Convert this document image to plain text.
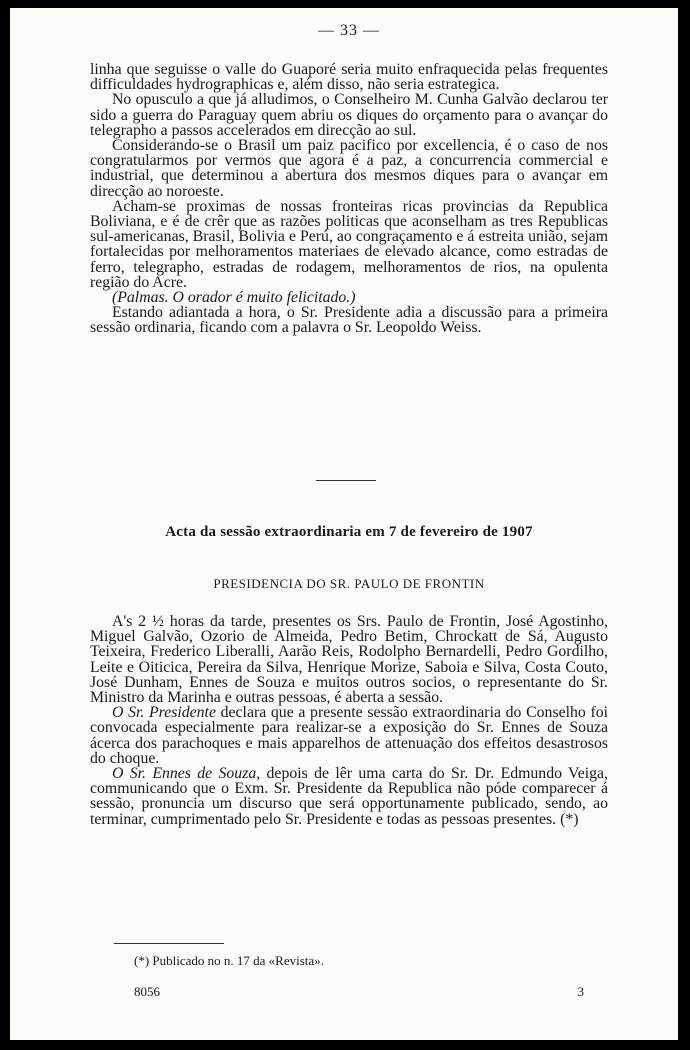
— 33 —

linha que seguisse o valle do Guaporé seria muito enfraquecida pelas frequentes difficuldades hydrographicas e, além disso, não seria estrategica.

No opusculo a que já alludimos, o Conselheiro M. Cunha Galvão declarou ter sido a guerra do Paraguay quem abriu os diques do orçamento para o avançar do telegrapho a passos accelerados em direcção ao sul.

Considerando-se o Brasil um paiz pacifico por excellencia, é o caso de nos congratularmos por vermos que agora é a paz, a concurrencia commercial e industrial, que determinou a abertura dos mesmos diques para o avançar em direcção ao noroeste.

Acham-se proximas de nossas fronteiras ricas provincias da Republica Boliviana, e é de crêr que as razões politicas que aconselham as tres Republicas sul-americanas, Brasil, Bolivia e Perú, ao congraçamento e á estreita união, sejam fortalecidas por melhoramentos materiaes de elevado alcance, como estradas de ferro, telegrapho, estradas de rodagem, melhoramentos de rios, na opulenta região do Acre.

(Palmas. O orador é muito felicitado.)

Estando adiantada a hora, o Sr. Presidente adia a discussão para a primeira sessão ordinaria, ficando com a palavra o Sr. Leopoldo Weiss.

Acta da sessão extraordinaria em 7 de fevereiro de 1907
PRESIDENCIA DO SR. PAULO DE FRONTIN

A's 2 ½ horas da tarde, presentes os Srs. Paulo de Frontin, José Agostinho, Miguel Galvão, Ozorio de Almeida, Pedro Betim, Chrockatt de Sá, Augusto Teixeira, Frederico Liberalli, Aarão Reis, Rodolpho Bernardelli, Pedro Gordilho, Leite e Oiticica, Pereira da Silva, Henrique Morize, Saboia e Silva, Costa Couto, José Dunham, Ennes de Souza e muitos outros socios, o representante do Sr. Ministro da Marinha e outras pessoas, é aberta a sessão.

O Sr. Presidente declara que a presente sessão extraordinaria do Conselho foi convocada especialmente para realizar-se a exposição do Sr. Ennes de Souza ácerca dos parachoques e mais apparelhos de attenuação dos effeitos desastrosos do choque.

O Sr. Ennes de Souza, depois de lêr uma carta do Sr. Dr. Edmundo Veiga, communicando que o Exm. Sr. Presidente da Republica não póde comparecer á sessão, pronuncia um discurso que será opportunamente publicado, sendo, ao terminar, cumprimentado pelo Sr. Presidente e todas as pessoas presentes. (*)

(*) Publicado no n. 17 da «Revista».
8056	3
